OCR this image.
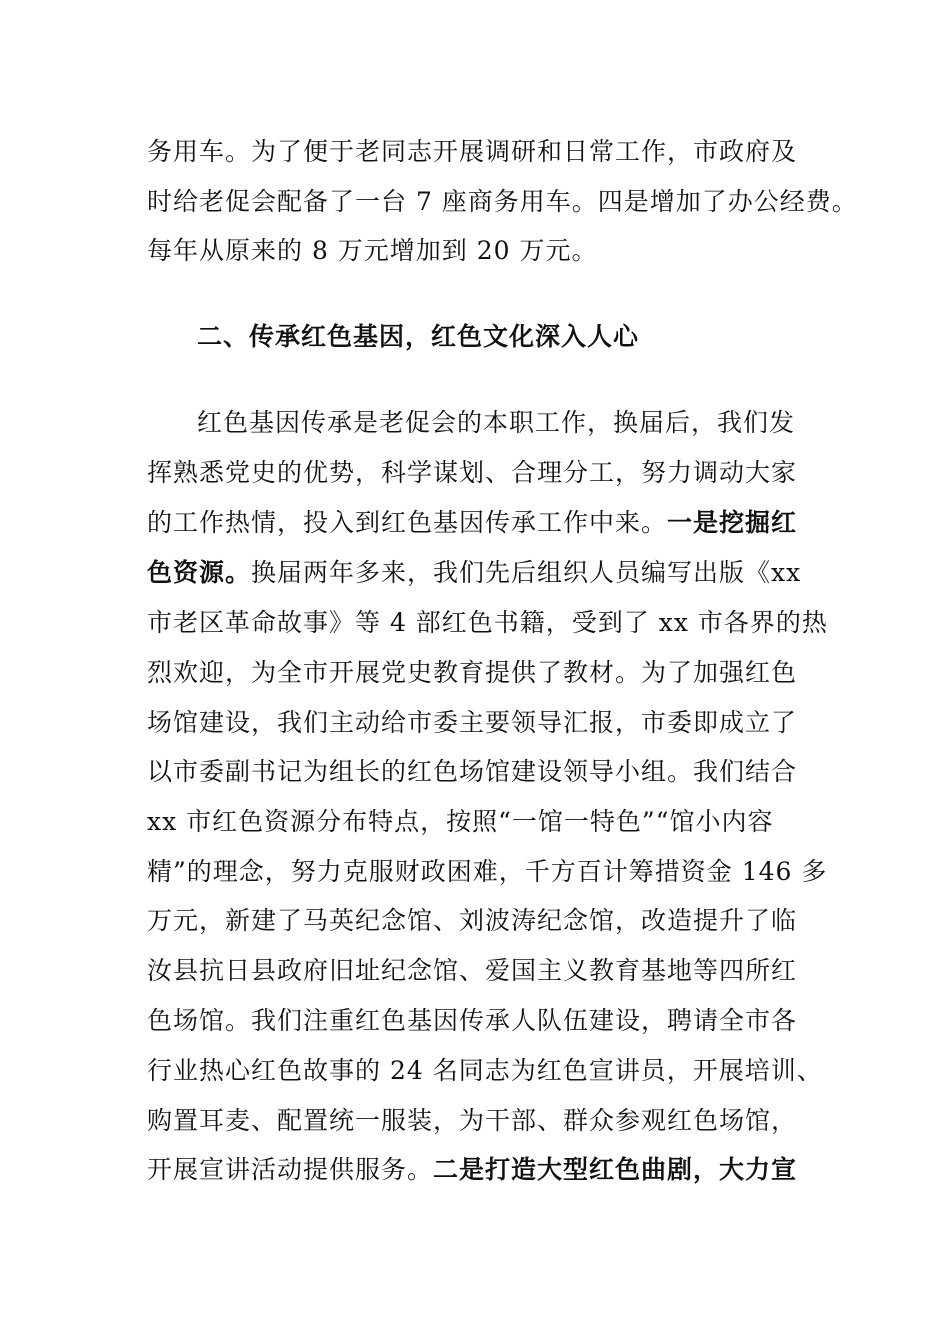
务用车。为了便于老同志开展调研和日常工作，市政府及
时给老促会配备了一台 7 座商务用车。四是增加了办公经费。
每年从原来的 8 万元增加到 20 万元。
二、传承红色基因，红色文化深入人心
红色基因传承是老促会的本职工作，换届后，我们发
挥熟悉党史的优势，科学谋划、合理分工，努力调动大家
的工作热情，投入到红色基因传承工作中来。一是挖掘红
色资源。换届两年多来，我们先后组织人员编写出版《xx
市老区革命故事》等 4 部红色书籍，受到了 xx 市各界的热
烈欢迎，为全市开展党史教育提供了教材。为了加强红色
场馆建设，我们主动给市委主要领导汇报，市委即成立了
以市委副书记为组长的红色场馆建设领导小组。我们结合
xx 市红色资源分布特点，按照“一馆一特色”“馆小内容
精”的理念，努力克服财政困难，千方百计筹措资金 146 多
万元，新建了马英纪念馆、刘波涛纪念馆，改造提升了临
汝县抗日县政府旧址纪念馆、爱国主义教育基地等四所红
色场馆。我们注重红色基因传承人队伍建设，聘请全市各
行业热心红色故事的 24 名同志为红色宣讲员，开展培训、
购置耳麦、配置统一服装，为干部、群众参观红色场馆，
开展宣讲活动提供服务。二是打造大型红色曲剧，大力宣
